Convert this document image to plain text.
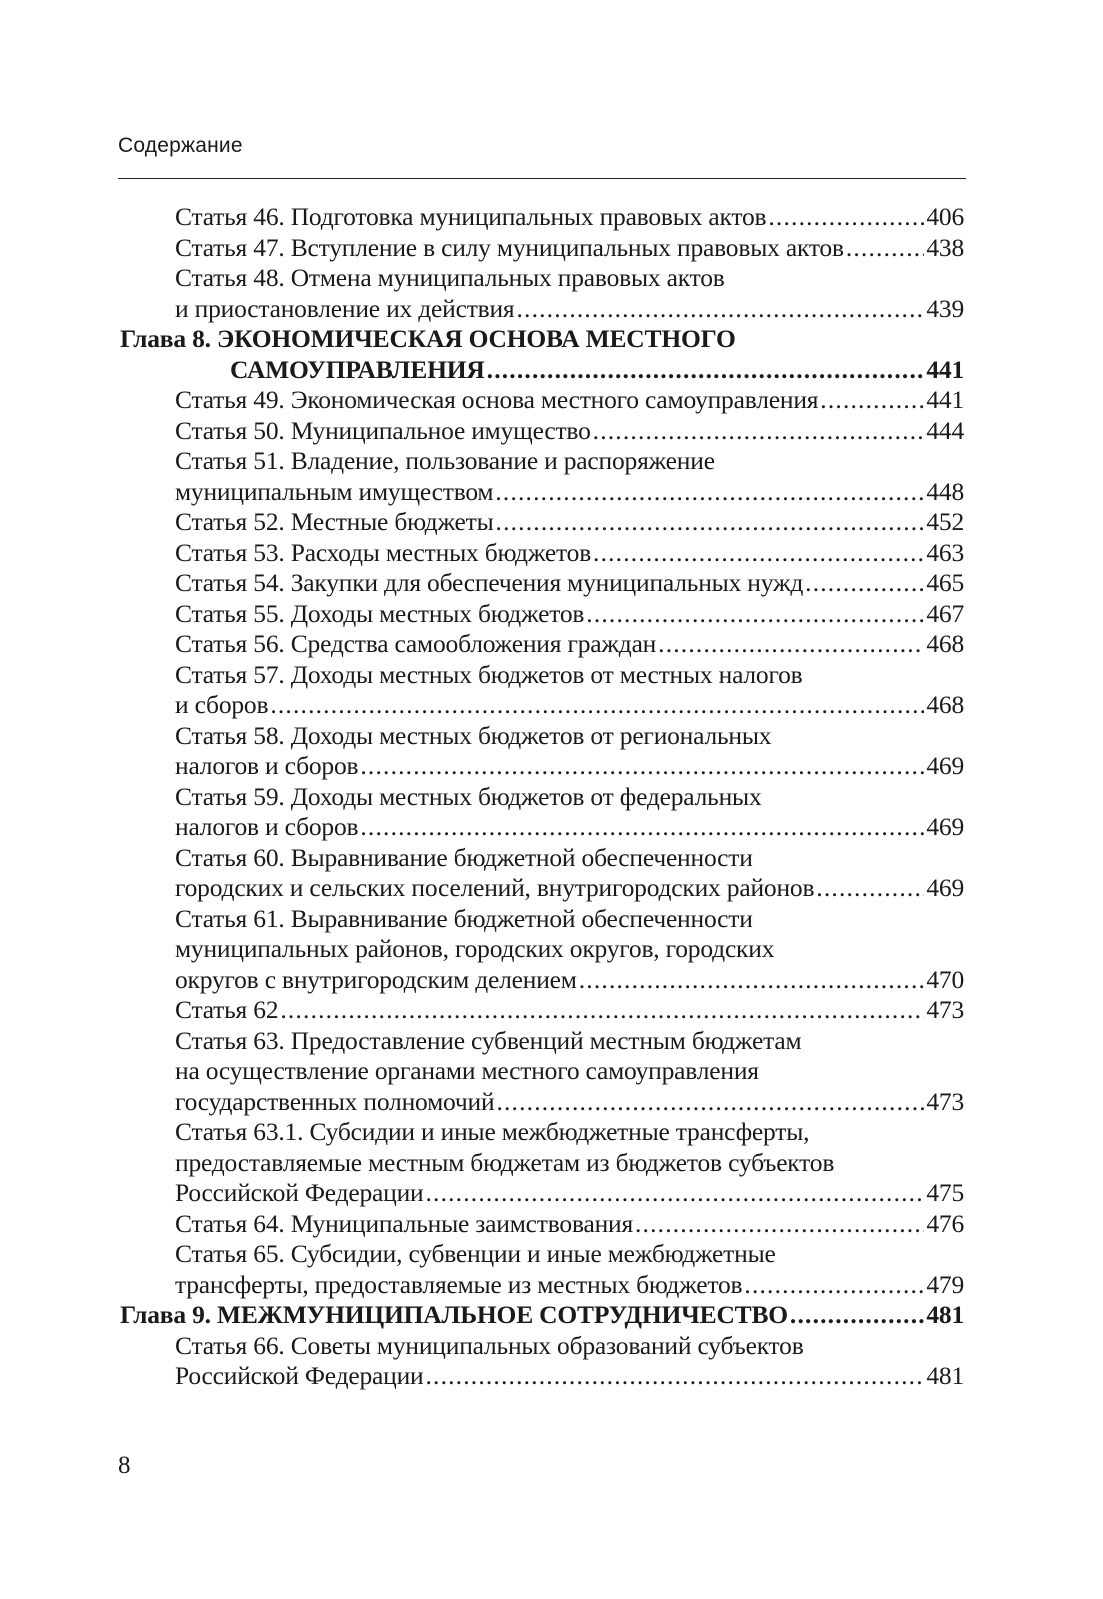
Содержание
Статья 46. Подготовка муниципальных правовых актов . . .	406
Статья 47. Вступление в силу муниципальных правовых актов . . .	438
Статья 48. Отмена муниципальных правовых актов
и приостановление их действия . . .	439
Глава 8. ЭКОНОМИЧЕСКАЯ ОСНОВА МЕСТНОГО
САМОУПРАВЛЕНИЯ . . .	441
Статья 49. Экономическая основа местного самоуправления . . .	441
Статья 50. Муниципальное имущество . . .	444
Статья 51. Владение, пользование и распоряжение
муниципальным имуществом . . .	448
Статья 52. Местные бюджеты . . .	452
Статья 53. Расходы местных бюджетов . . .	463
Статья 54. Закупки для обеспечения муниципальных нужд . . .	465
Статья 55. Доходы местных бюджетов . . .	467
Статья 56. Средства самообложения граждан . . .	468
Статья 57. Доходы местных бюджетов от местных налогов
и сборов . . .	468
Статья 58. Доходы местных бюджетов от региональных
налогов и сборов . . .	469
Статья 59. Доходы местных бюджетов от федеральных
налогов и сборов . . .	469
Статья 60. Выравнивание бюджетной обеспеченности
городских и сельских поселений, внутригородских районов . . .	469
Статья 61. Выравнивание бюджетной обеспеченности
муниципальных районов, городских округов, городских
округов с внутригородским делением . . .	470
Статья 62 . . .	473
Статья 63. Предоставление субвенций местным бюджетам
на осуществление органами местного самоуправления
государственных полномочий . . .	473
Статья 63.1. Субсидии и иные межбюджетные трансферты,
предоставляемые местным бюджетам из бюджетов субъектов
Российской Федерации . . .	475
Статья 64. Муниципальные заимствования . . .	476
Статья 65. Субсидии, субвенции и иные межбюджетные
трансферты, предоставляемые из местных бюджетов . . .	479
Глава 9. МЕЖМУНИЦИПАЛЬНОЕ СОТРУДНИЧЕСТВО . . .	481
Статья 66. Советы муниципальных образований субъектов
Российской Федерации . . .	481
8
